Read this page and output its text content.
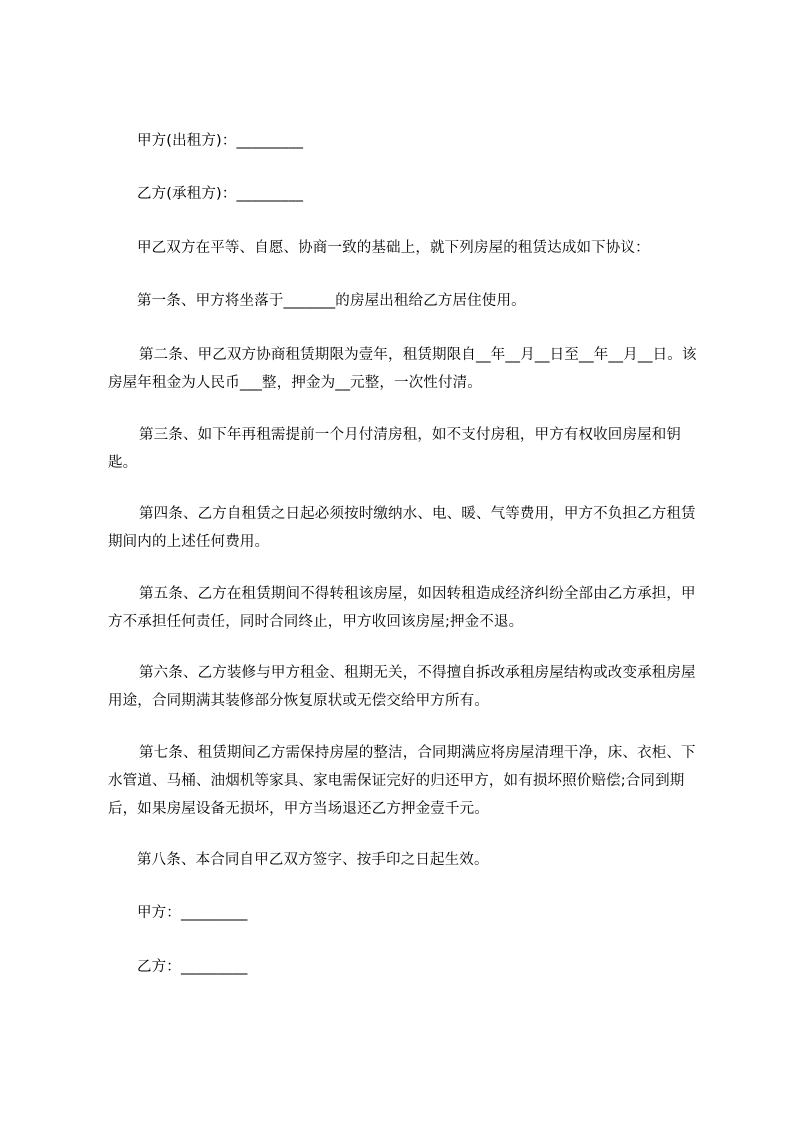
甲方(出租方)：_________
乙方(承租方)：_________
甲乙双方在平等、自愿、协商一致的基础上，就下列房屋的租赁达成如下协议：
第一条、甲方将坐落于_______的房屋出租给乙方居住使用。
第二条、甲乙双方协商租赁期限为壹年，租赁期限自__年__月__日至__年__月__日。该房屋年租金为人民币___整，押金为__元整，一次性付清。
第三条、如下年再租需提前一个月付清房租，如不支付房租，甲方有权收回房屋和钥匙。
第四条、乙方自租赁之日起必须按时缴纳水、电、暖、气等费用，甲方不负担乙方租赁期间内的上述任何费用。
第五条、乙方在租赁期间不得转租该房屋，如因转租造成经济纠纷全部由乙方承担，甲方不承担任何责任，同时合同终止，甲方收回该房屋;押金不退。
第六条、乙方装修与甲方租金、租期无关，不得擅自拆改承租房屋结构或改变承租房屋用途，合同期满其装修部分恢复原状或无偿交给甲方所有。
第七条、租赁期间乙方需保持房屋的整洁，合同期满应将房屋清理干净，床、衣柜、下水管道、马桶、油烟机等家具、家电需保证完好的归还甲方，如有损坏照价赔偿;合同到期后，如果房屋设备无损坏，甲方当场退还乙方押金壹千元。
第八条、本合同自甲乙双方签字、按手印之日起生效。
甲方：_________
乙方：_________
